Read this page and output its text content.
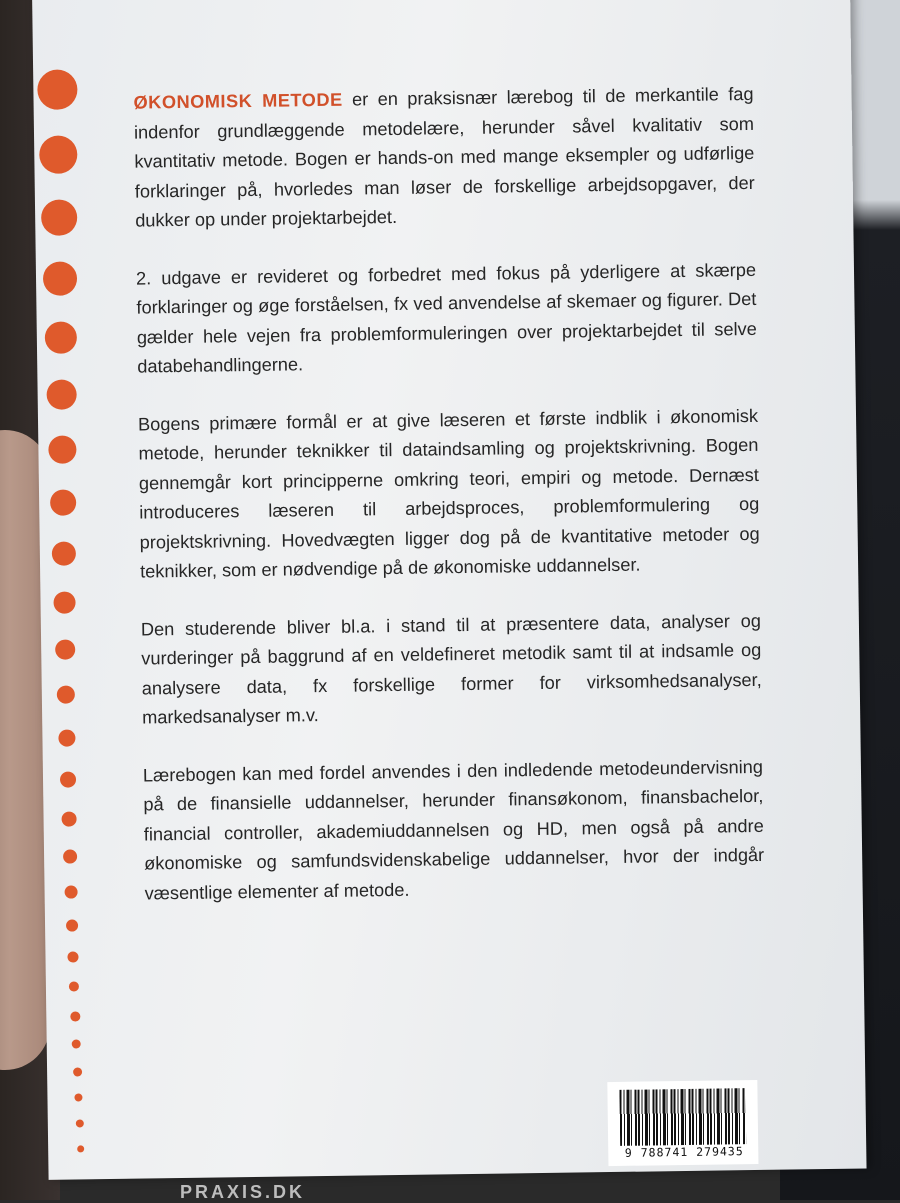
ØKONOMISK METODE er en praksisnær lærebog til de merkantile fag indenfor grundlæggende metodelære, herunder såvel kvalitativ som kvantitativ metode. Bogen er hands-on med mange eksempler og udførlige forklaringer på, hvorledes man løser de forskellige arbejdsopgaver, der dukker op under projektarbejdet.

2. udgave er revideret og forbedret med fokus på yderligere at skærpe forklaringer og øge forståelsen, fx ved anvendelse af skemaer og figurer. Det gælder hele vejen fra problemformuleringen over projektarbejdet til selve databehandlingerne.

Bogens primære formål er at give læseren et første indblik i økonomisk metode, herunder teknikker til dataindsamling og projektskrivning. Bogen gennemgår kort principperne omkring teori, empiri og metode. Dernæst introduceres læseren til arbejdsproces, problemformulering og projektskrivning. Hovedvægten ligger dog på de kvantitative metoder og teknikker, som er nødvendige på de økonomiske uddannelser.

Den studerende bliver bl.a. i stand til at præsentere data, analyser og vurderinger på baggrund af en veldefineret metodik samt til at indsamle og analysere data, fx forskellige former for virksomhedsanalyser, markedsanalyser m.v.

Lærebogen kan med fordel anvendes i den indledende metodeundervisning på de finansielle uddannelser, herunder finansøkonom, finansbachelor, financial controller, akademiuddannelsen og HD, men også på andre økonomiske og samfundsvidenskabelige uddannelser, hvor der indgår væsentlige elementer af metode.

9 788741 279435
PRAXIS.DK
